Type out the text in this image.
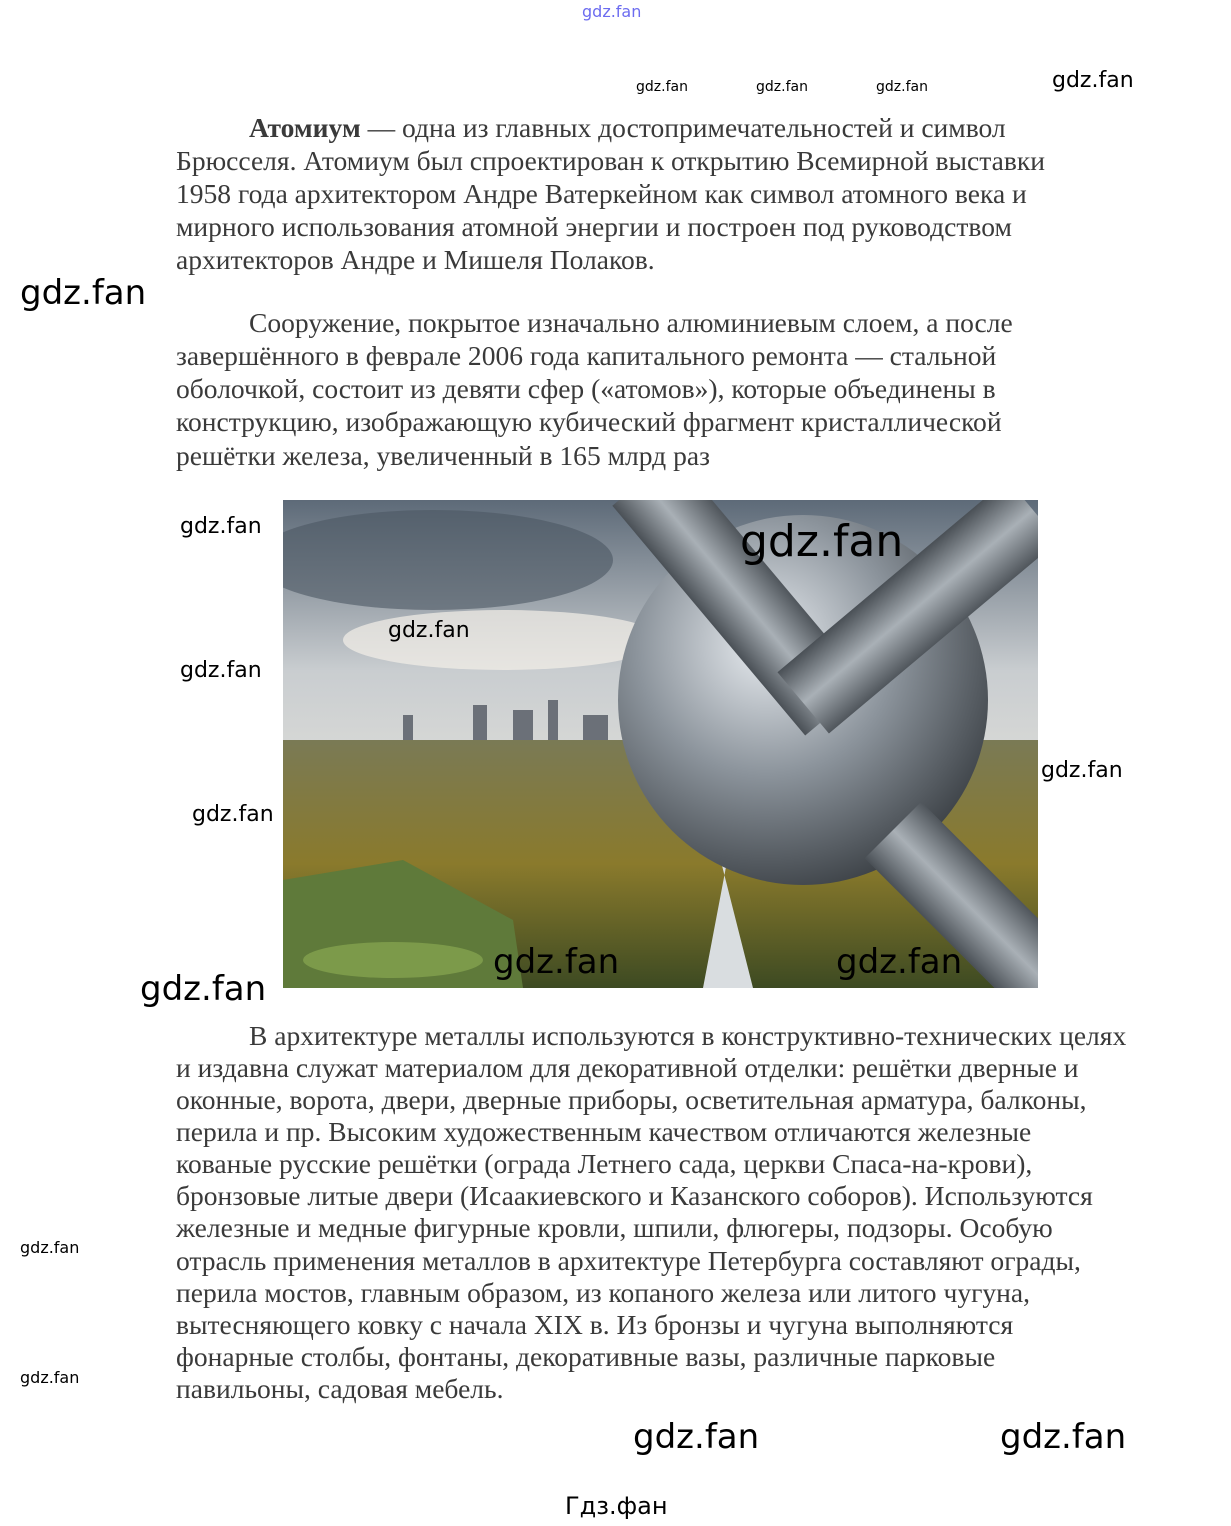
gdz.fan
Атомиум — одна из главных достопримечательностей и символ
Брюсселя. Атомиум был спроектирован к открытию Всемирной выставки
1958 года архитектором Андре Ватеркейном как символ атомного века и
мирного использования атомной энергии и построен под руководством
архитекторов Андре и Мишеля Полаков.
Сооружение, покрытое изначально алюминиевым слоем, а после
завершённого в феврале 2006 года капитального ремонта — стальной
оболочкой, состоит из девяти сфер («атомов»), которые объединены в
конструкцию, изображающую кубический фрагмент кристаллической
решётки железа, увеличенный в 165 млрд раз
В архитектуре металлы используются в конструктивно-технических целях
и издавна служат материалом для декоративной отделки: решётки дверные и
оконные, ворота, двери, дверные приборы, осветительная арматура, балконы,
перила и пр. Высоким художественным качеством отличаются железные
кованые русские решётки (ограда Летнего сада, церкви Спаса-на-крови),
бронзовые литые двери (Исаакиевского и Казанского соборов). Используются
железные и медные фигурные кровли, шпили, флюгеры, подзоры. Особую
отрасль применения металлов в архитектуре Петербурга составляют ограды,
перила мостов, главным образом, из копаного железа или литого чугуна,
вытесняющего ковку с начала XIX в. Из бронзы и чугуна выполняются
фонарные столбы, фонтаны, декоративные вазы, различные парковые
павильоны, садовая мебель.
gdz.fan
gdz.fan	gdz.fan	gdz.fan
gdz.fan
gdz.fan
gdz.fan
gdz.fan
gdz.fan
gdz.fan
gdz.fan
gdz.fan
gdz.fan	gdz.fan
gdz.fan
gdz.fan
gdz.fan
gdz.fan
Гдз.фан
